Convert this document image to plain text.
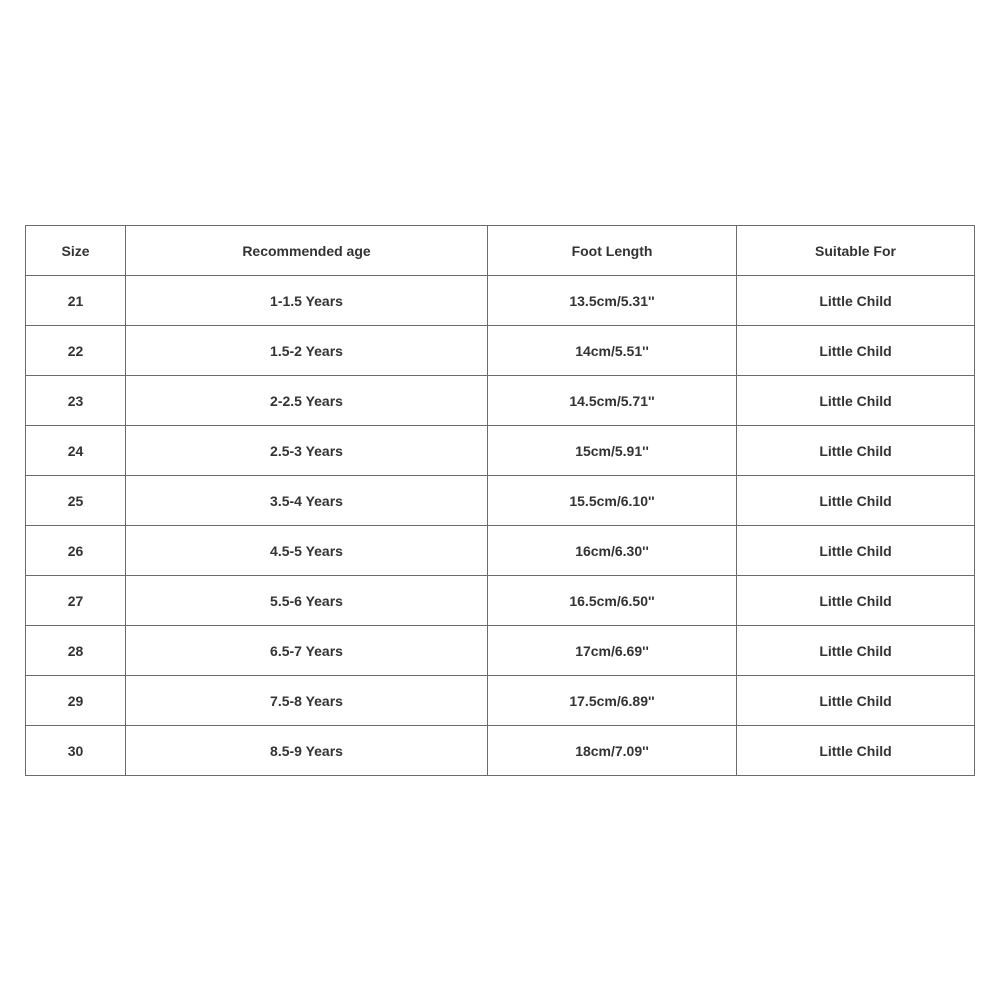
Size	Recommended age	Foot Length	Suitable For
21	1-1.5 Years	13.5cm/5.31''	Little Child
22	1.5-2 Years	14cm/5.51''	Little Child
23	2-2.5 Years	14.5cm/5.71''	Little Child
24	2.5-3 Years	15cm/5.91''	Little Child
25	3.5-4 Years	15.5cm/6.10''	Little Child
26	4.5-5 Years	16cm/6.30''	Little Child
27	5.5-6 Years	16.5cm/6.50''	Little Child
28	6.5-7 Years	17cm/6.69''	Little Child
29	7.5-8 Years	17.5cm/6.89''	Little Child
30	8.5-9 Years	18cm/7.09''	Little Child
